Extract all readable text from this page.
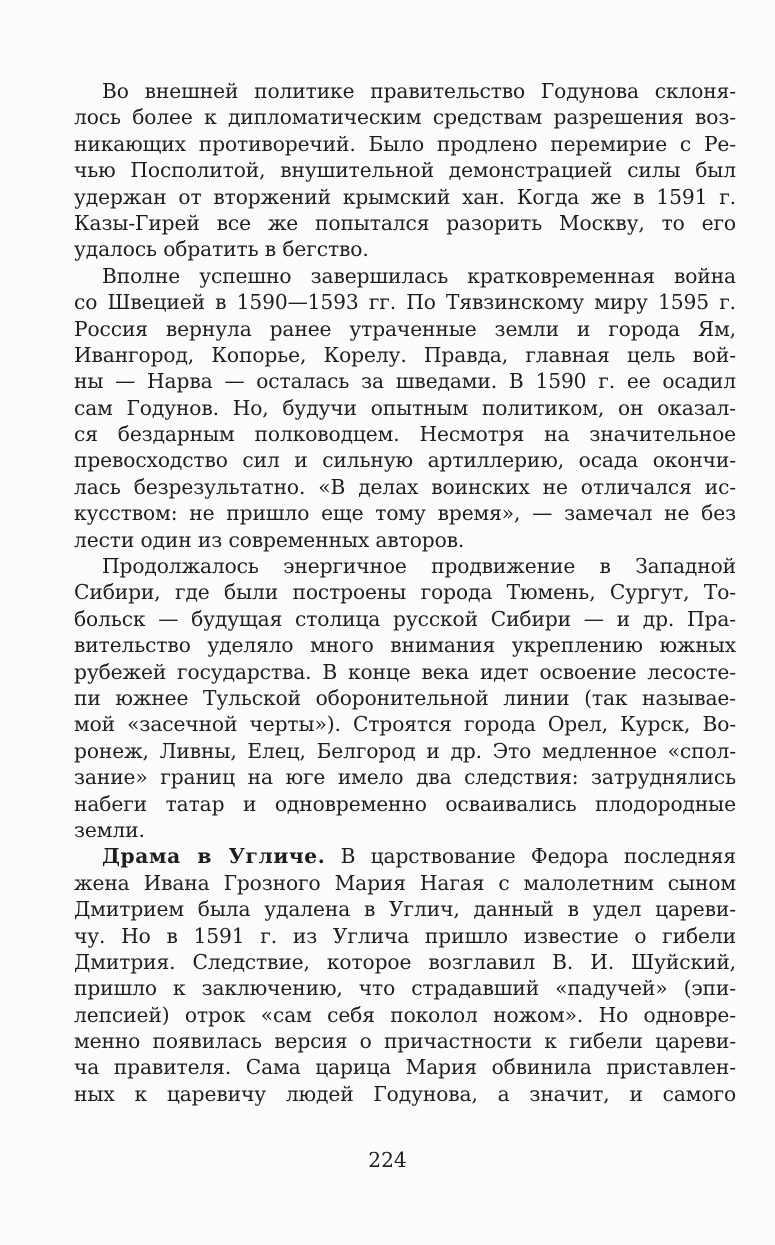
Во внешней политике правительство Годунова склоня-
лось более к дипломатическим средствам разрешения воз-
никающих противоречий. Было продлено перемирие с Ре-
чью Посполитой, внушительной демонстрацией силы был
удержан от вторжений крымский хан. Когда же в 1591 г.
Казы-Гирей все же попытался разорить Москву, то его
удалось обратить в бегство.
Вполне успешно завершилась кратковременная война
со Швецией в 1590—1593 гг. По Тявзинскому миру 1595 г.
Россия вернула ранее утраченные земли и города Ям,
Ивангород, Копорье, Корелу. Правда, главная цель вой-
ны — Нарва — осталась за шведами. В 1590 г. ее осадил
сам Годунов. Но, будучи опытным политиком, он оказал-
ся бездарным полководцем. Несмотря на значительное
превосходство сил и сильную артиллерию, осада окончи-
лась безрезультатно. «В делах воинских не отличался ис-
кусством: не пришло еще тому время», — замечал не без
лести один из современных авторов.
Продолжалось энергичное продвижение в Западной
Сибири, где были построены города Тюмень, Сургут, То-
больск — будущая столица русской Сибири — и др. Пра-
вительство уделяло много внимания укреплению южных
рубежей государства. В конце века идет освоение лесосте-
пи южнее Тульской оборонительной линии (так называе-
мой «засечной черты»). Строятся города Орел, Курск, Во-
ронеж, Ливны, Елец, Белгород и др. Это медленное «спол-
зание» границ на юге имело два следствия: затруднялись
набеги татар и одновременно осваивались плодородные
земли.
Драма в Угличе. В царствование Федора последняя
жена Ивана Грозного Мария Нагая с малолетним сыном
Дмитрием была удалена в Углич, данный в удел цареви-
чу. Но в 1591 г. из Углича пришло известие о гибели
Дмитрия. Следствие, которое возглавил В. И. Шуйский,
пришло к заключению, что страдавший «падучей» (эпи-
лепсией) отрок «сам себя поколол ножом». Но одновре-
менно появилась версия о причастности к гибели цареви-
ча правителя. Сама царица Мария обвинила приставлен-
ных к царевичу людей Годунова, а значит, и самого
224
